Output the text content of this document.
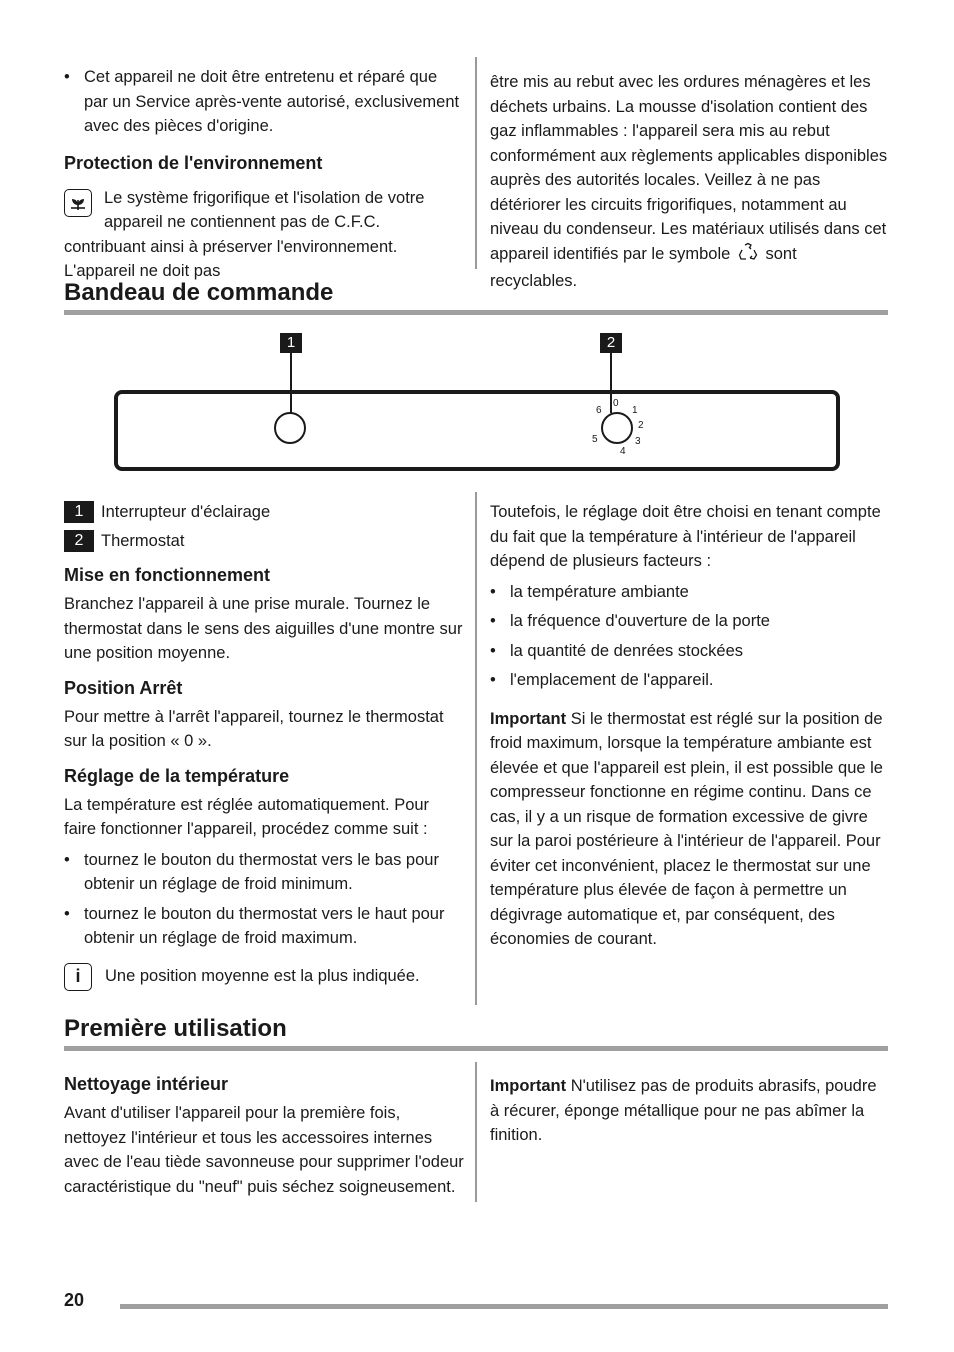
• Cet appareil ne doit être entretenu et réparé que par un Service après-vente autorisé, exclusivement avec des pièces d'origine.
Protection de l'environnement

Le système frigorifique et l'isolation de votre appareil ne contiennent pas de C.F.C. contribuant ainsi à préserver l'environnement. L'appareil ne doit pas

être mis au rebut avec les ordures ménagères et les déchets urbains. La mousse d'isolation contient des gaz inflammables : l'appareil sera mis au rebut conformément aux règlements applicables disponibles auprès des autorités locales. Veillez à ne pas détériorer les circuits frigorifiques, notamment au niveau du condenseur. Les matériaux utilisés dans cet appareil identifiés par le symbole sont recyclables.

Bandeau de commande
1	2
0
1
2
3
4
5
6
1	Interrupteur d'éclairage
2	Thermostat
Mise en fonctionnement

Branchez l'appareil à une prise murale. Tournez le thermostat dans le sens des aiguilles d'une montre sur une position moyenne.

Position Arrêt

Pour mettre à l'arrêt l'appareil, tournez le thermostat sur la position « 0 ».

Réglage de la température

La température est réglée automatiquement. Pour faire fonctionner l'appareil, procédez comme suit :

• tournez le bouton du thermostat vers le bas pour obtenir un réglage de froid minimum.
• tournez le bouton du thermostat vers le haut pour obtenir un réglage de froid maximum.
i	Une position moyenne est la plus indiquée.

Toutefois, le réglage doit être choisi en tenant compte du fait que la température à l'intérieur de l'appareil dépend de plusieurs facteurs :

• la température ambiante
• la fréquence d'ouverture de la porte
• la quantité de denrées stockées
• l'emplacement de l'appareil.

Important Si le thermostat est réglé sur la position de froid maximum, lorsque la température ambiante est élevée et que l'appareil est plein, il est possible que le compresseur fonctionne en régime continu. Dans ce cas, il y a un risque de formation excessive de givre sur la paroi postérieure à l'intérieur de l'appareil. Pour éviter cet inconvénient, placez le thermostat sur une température plus élevée de façon à permettre un dégivrage automatique et, par conséquent, des économies de courant.

Première utilisation
Nettoyage intérieur

Avant d'utiliser l'appareil pour la première fois, nettoyez l'intérieur et tous les accessoires internes avec de l'eau tiède savonneuse pour supprimer l'odeur caractéristique du "neuf" puis séchez soigneusement.

Important N'utilisez pas de produits abrasifs, poudre à récurer, éponge métallique pour ne pas abîmer la finition.

20
